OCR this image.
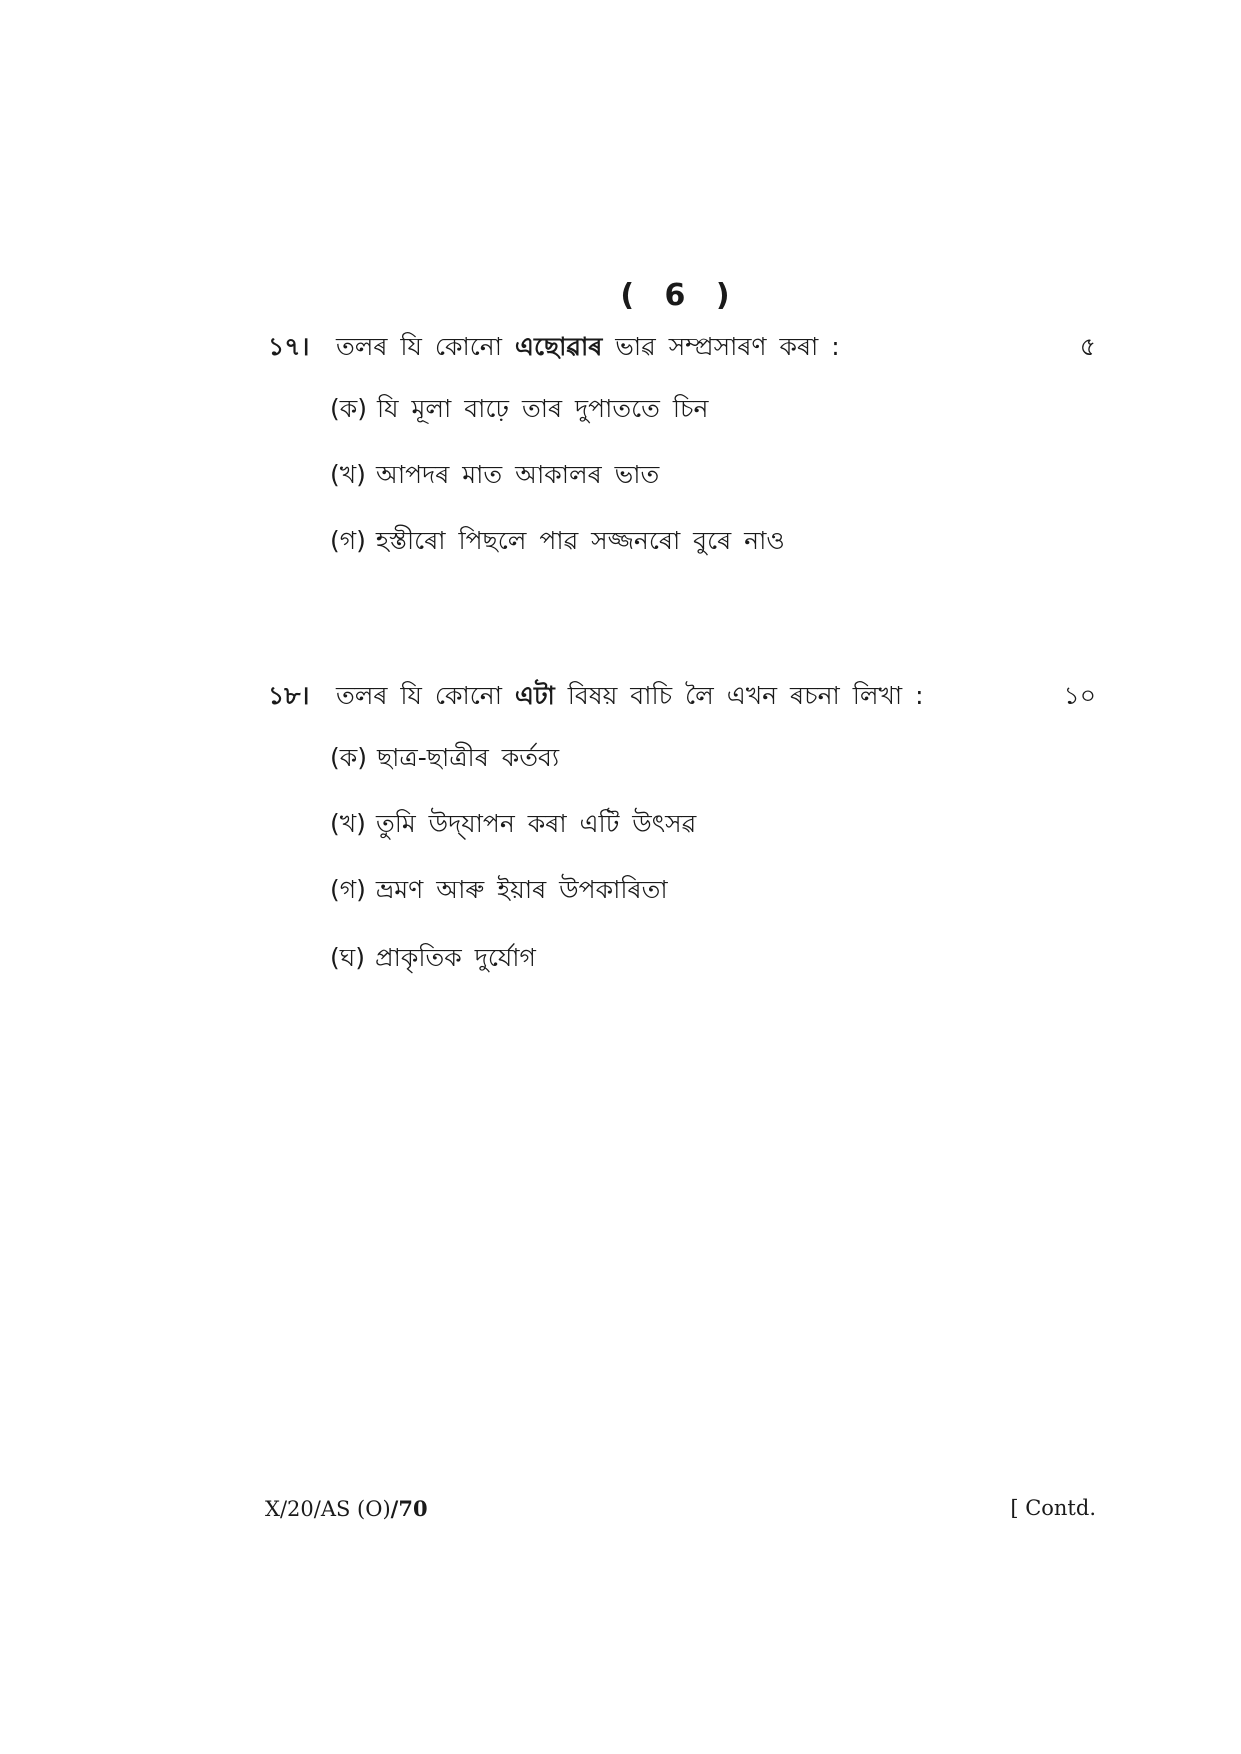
( 6 )
১৭। তলৰ যি কোনো এছোৱাৰ ভাৱ সম্প্ৰসাৰণ কৰা :	৫
(ক) যি মূলা বাঢ়ে তাৰ দুপাততে চিন
(খ) আপদৰ মাত আকালৰ ভাত
(গ) হস্তীৰো পিছলে পাৱ সজ্জনৰো বুৰে নাও
১৮। তলৰ যি কোনো এটা বিষয় বাচি লৈ এখন ৰচনা লিখা :	১০
(ক) ছাত্ৰ-ছাত্ৰীৰ কৰ্তব্য
(খ) তুমি উদ্‌যাপন কৰা এটি উৎসৱ
(গ) ভ্ৰমণ আৰু ইয়াৰ উপকাৰিতা
(ঘ) প্ৰাকৃতিক দুৰ্যোগ
X/20/AS (O)/70	[ Contd.
